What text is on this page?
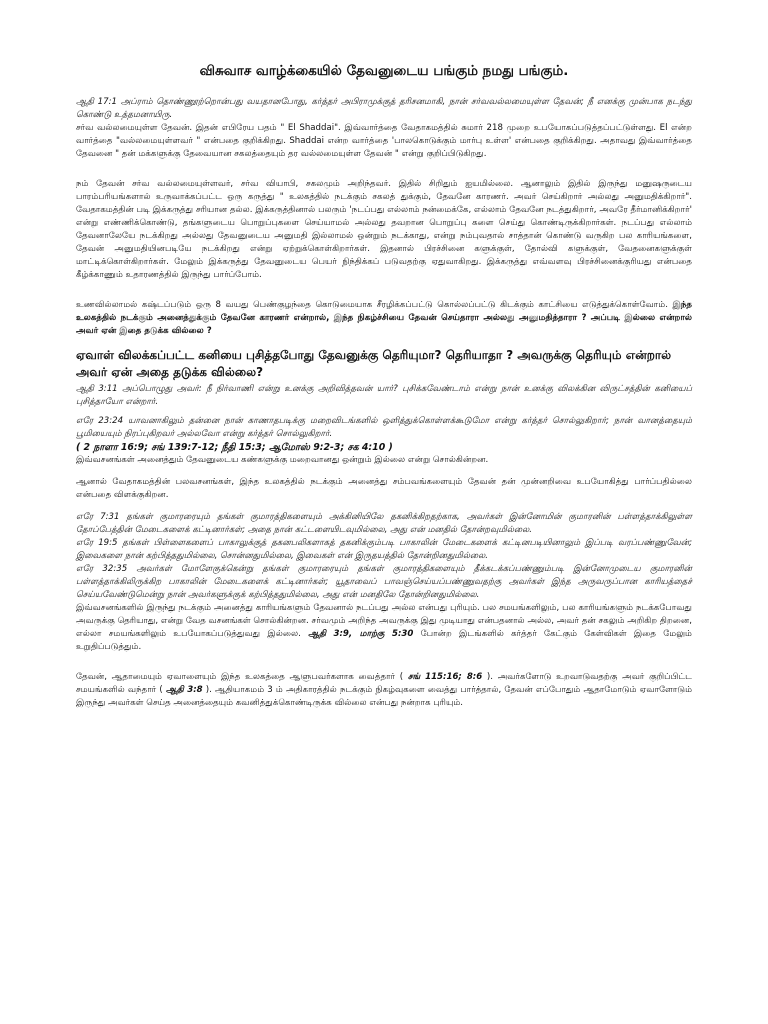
விசுவாச வாழ்க்கையில் தேவனுடைய பங்கும் நமது பங்கும்.
ஆதி 17:1 அப்ராம் தொண்ணூற்றொன்பது வயதானபோது, கர்த்தர் அபிராமுக்குத் தரிசனமாகி, நான் சர்வவல்லமையுள்ள தேவன்; நீ எனக்கு முன்பாக நடந்து கொண்டு உத்தமனாயிரு.
சர்வ வல்லமையுள்ள தேவன். இதன் எபிரேய பதம் " El Shaddai". இவ்வார்த்தை வேதாகமத்தில் சுமார் 218 முறை உபயோகப்படுத்தப்பட்டுள்ளது. El என்ற வார்த்தை "வல்லமையுள்ளவர் " என்பதை குறிக்கிறது. Shaddai என்ற வார்த்தை 'பாலகொடுக்கும் மார்பு உள்ள' என்பதை குறிக்கிறது. அதாவது இவ்வார்த்தை தேவனை " தன் மக்களுக்கு தேவையான சகலத்தையும் தர வல்லமையுள்ள தேவன் " என்று குறிப்பிடுகிறது.
நம் தேவன் சர்வ வல்லமையுள்ளவர், சர்வ வியாபி, சகலமும் அறிந்தவர். இதில் சிறிதும் ஐயமில்லை. ஆனாலும் இதில் இருந்து மனுஷருடைய பாரம்பரியங்களால் உருவாக்கப்பட்ட ஒரு கருத்து " உலகத்தில் நடக்கும் சகலத் துக்கும், தேவனே காரணர். அவர் செய்கிறார் அல்லது அனுமதிக்கிறார்". வேதாகமத்தின் படி இக்கருத்து சரியான தல்ல. இக்கருத்தினால் பலரும் 'நடப்பது எல்லாம் நன்மைக்கே, எல்லாம் தேவனே நடத்துகிறார், அவரே தீர்மானிக்கிறார்' என்று எண்ணிக்கொண்டு, தங்களுடைய பொறுப்புகளை செய்யாமல் அல்லது தவறான பொறுப்பு களை செய்து கொண்டிருக்கிறார்கள். நடப்பது எல்லாம் தேவனாலேயே நடக்கிறது அல்லது தேவனுடைய அனுமதி இல்லாமல் ஒன்றும் நடக்காது, என்று நம்புவதால் சாத்தான் கொண்டு வருகிற பல காரியங்களை, தேவன் அனுமதியினபடியே நடக்கிறது என்று ஏற்றுக்கொள்கிறார்கள். இதனால் பிரச்சினை களுக்குள், தோல்வி களுக்குள், வேதனைகளுக்குள் மாட்டிக்கொள்கிறார்கள். மேலும் இக்கருத்து தேவனுடைய பெயர் நிந்திக்கப் படுவதற்கு ஏதுவாகிறது. இக்கருத்து எவ்வளவு பிரச்சினைக்குரியது என்பதை கீழ்க்காணும் உதாரணத்தில் இருந்து பார்ப்போம்.
உணவில்லாமல் கஷ்டப்படும் ஒரு 8 வயது பெண்குழந்தை கொடுமையாக சீரழிக்கப்பட்டு கொல்லப்பட்டு கிடக்கும் காட்சியை எடுத்துக்கொள்வோம். இந்த உலகத்தில் நடக்கும் அனைத்துக்கும் தேவனே காரணர் என்றால், இந்த நிகழ்ச்சியை தேவன் செய்தாரா அல்லது அனுமதித்தாரா ? அப்படி இல்லை என்றால் அவர் ஏன் இதை தடுக்க வில்லை ?
ஏவாள் விலக்கப்பட்ட கனியை புசித்தபோது தேவனுக்கு தெரியுமா? தெரியாதா ? அவருக்கு தெரியும் என்றால் அவர் ஏன் அதை தடுக்க வில்லை?
ஆதி 3:11 அப்பொழுது அவர்: நீ நிர்வாணி என்று உனக்கு அறிவித்தவன் யார்? புசிக்கவேண்டாம் என்று நான் உனக்கு விலக்கின விருட்சத்தின் கனியைப் புசித்தாயோ என்றார்.
எரே 23:24 யாவனாகிலும் தன்னை நான் காணாதபடிக்கு மறைவிடங்களில் ஒளித்துக்கொள்ளக்கூடுமோ என்று கர்த்தர் சொல்லுகிறார்; நான் வானத்தையும் பூமியையும் நிரப்புகிறவர் அல்லவோ என்று கர்த்தர் சொல்லுகிறார்.
( 2 நாளா 16:9; சங் 139:7-12; நீதி 15:3; ஆமோஸ் 9:2-3; சக 4:10 )
இவ்வசனங்கள் அனைத்தும் தேவனுடைய கண்களுக்கு மறைவானது ஒன்றும் இல்லை என்று சொல்கின்றன.
ஆனால் வேதாகமத்தின் பலவசனங்கள், இந்த உலகத்தில் நடக்கும் அனைத்து சம்பவங்களையும் தேவன் தன் முன்னறிவை உபயோகித்து பார்ப்பதில்லை என்பதை விளக்குகிறன.
எரே 7:31 தங்கள் குமாரரையும் தங்கள் குமாரத்திகளையும் அக்கினியிலே தகனிக்கிறதற்காக, அவர்கள் இன்னோமின் குமாரனின் பள்ளத்தாக்கிலுள்ள தோப்பேத்தின் மேடைகளைக் கட்டினார்கள்; அதை நான் கட்டளையிடவுமில்லை, அது என் மனதில் தோன்றவுமில்லை.
எரே 19:5 தங்கள் பிள்ளைகளைப் பாகாலுக்குத் தகனபலிகளாகத் தகனிக்கும்படி பாகாலின் மேடைகளைக் கட்டினபடியினாலும் இப்படி வரப்பண்ணுவேன்; இவைகளை நான் கற்பித்ததுமில்லை, சொன்னதுமில்லை, இவைகள் என் இருதயத்தில் தோன்றினதுமில்லை.
எரே 32:35 அவர்கள் மோளேகுக்கென்று தங்கள் குமாரரையும் தங்கள் குமாரத்திகளையும் தீக்கடக்கப்பண்ணும்படி இன்னோமுடைய குமாரனின் பள்ளத்தாக்கிலிருக்கிற பாகாலின் மேடைகளைக் கட்டினார்கள்; யூதாவைப் பாவஞ்செய்யப்பண்ணுவதற்கு அவர்கள் இந்த அருவருப்பான காரியத்தைச் செய்யவேண்டுமென்று நான் அவர்களுக்குக் கற்பித்ததுமில்லை, அது என் மனதிலே தோன்றினதுமில்லை.
இவ்வசனங்களில் இருந்து நடக்கும் அனைத்து காரியங்களும் தேவனால் நடப்பது அல்ல என்பது புரியும். பல சமயங்களிலும், பல காரியங்களும் நடக்கபோவது அவருக்கு தெரியாது, என்று வேத வசனங்கள் சொல்கின்றன. சர்வமும் அறிந்த அவருக்கு இது முடியாது என்பதனால் அல்ல, அவர் தன் சகலும் அறிகிற திறனை, எல்லா சமயங்களிலும் உபயோகப்படுத்துவது இல்லை. ஆதி 3:9, மாற்கு 5:30 போன்ற இடங்களில் கர்த்தர் கேட்கும் கேள்விகள் இதை மேலும் உறுதிப்படுத்தும்.
தேவன், ஆதாமையும் ஏவாளையும் இந்த உலகத்தை ஆளுபவர்களாக வைத்தார் ( சங் 115:16; 8:6 ). அவர்களோடு உறவாடுவதற்கு அவர் குறிப்பிட்ட சமயங்களில் வந்தார் ( ஆதி 3:8 ). ஆதியாகமம் 3 ம் அதிகாரத்தில் நடக்கும் நிகழ்வுகளை வைத்து பார்த்தால், தேவன் எப்போதும் ஆதாமோடும் ஏவாளோடும் இருந்து அவர்கள் செய்த அனைத்தையும் கவனித்துக்கொண்டிருக்க வில்லை என்பது நன்றாக புரியும்.
